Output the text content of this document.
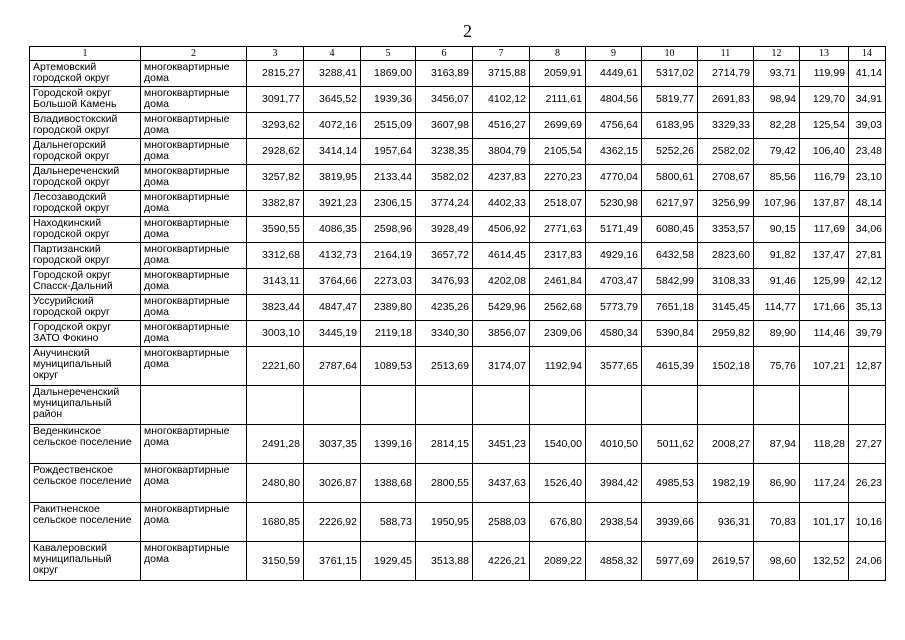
2
1	2	3	4	5	6	7	8	9	10	11	12	13	14
Артемовский городской округ	многоквартирные дома	2815,27	3288,41	1869,00	3163,89	3715,88	2059,91	4449,61	5317,02	2714,79	93,71	119,99	41,14
Городской округ Большой Камень	многоквартирные дома	3091,77	3645,52	1939,36	3456,07	4102,12	2111,61	4804,56	5819,77	2691,83	98,94	129,70	34,91
Владивостокский городской округ	многоквартирные дома	3293,62	4072,16	2515,09	3607,98	4516,27	2699,69	4756,64	6183,95	3329,33	82,28	125,54	39,03
Дальнегорский городской округ	многоквартирные дома	2928,62	3414,14	1957,64	3238,35	3804,79	2105,54	4362,15	5252,26	2582,02	79,42	106,40	23,48
Дальнереченский городской округ	многоквартирные дома	3257,82	3819,95	2133,44	3582,02	4237,83	2270,23	4770,04	5800,61	2708,67	85,56	116,79	23,10
Лесозаводский городской округ	многоквартирные дома	3382,87	3921,23	2306,15	3774,24	4402,33	2518,07	5230,98	6217,97	3256,99	107,96	137,87	48,14
Находкинский городской округ	многоквартирные дома	3590,55	4086,35	2598,96	3928,49	4506,92	2771,63	5171,49	6080,45	3353,57	90,15	117,69	34,06
Партизанский городской округ	многоквартирные дома	3312,68	4132,73	2164,19	3657,72	4614,45	2317,83	4929,16	6432,58	2823,60	91,82	137,47	27,81
Городской округ Спасск-Дальний	многоквартирные дома	3143,11	3764,66	2273,03	3476,93	4202,08	2461,84	4703,47	5842,99	3108,33	91,46	125,99	42,12
Уссурийский городской округ	многоквартирные дома	3823,44	4847,47	2389,80	4235,26	5429,96	2562,68	5773,79	7651,18	3145,45	114,77	171,66	35,13
Городской округ ЗАТО Фокино	многоквартирные дома	3003,10	3445,19	2119,18	3340,30	3856,07	2309,06	4580,34	5390,84	2959,82	89,90	114,46	39,79
Анучинский муниципальный округ	многоквартирные дома	2221,60	2787,64	1089,53	2513,69	3174,07	1192,94	3577,65	4615,39	1502,18	75,76	107,21	12,87
Дальнереченский муниципальный район													
Веденкинское сельское поселение	многоквартирные дома	2491,28	3037,35	1399,16	2814,15	3451,23	1540,00	4010,50	5011,62	2008,27	87,94	118,28	27,27
Рождественское сельское поселение	многоквартирные дома	2480,80	3026,87	1388,68	2800,55	3437,63	1526,40	3984,42	4985,53	1982,19	86,90	117,24	26,23
Ракитненское сельское поселение	многоквартирные дома	1680,85	2226,92	588,73	1950,95	2588,03	676,80	2938,54	3939,66	936,31	70,83	101,17	10,16
Кавалеровский муниципальный округ	многоквартирные дома	3150,59	3761,15	1929,45	3513,88	4226,21	2089,22	4858,32	5977,69	2619,57	98,60	132,52	24,06
